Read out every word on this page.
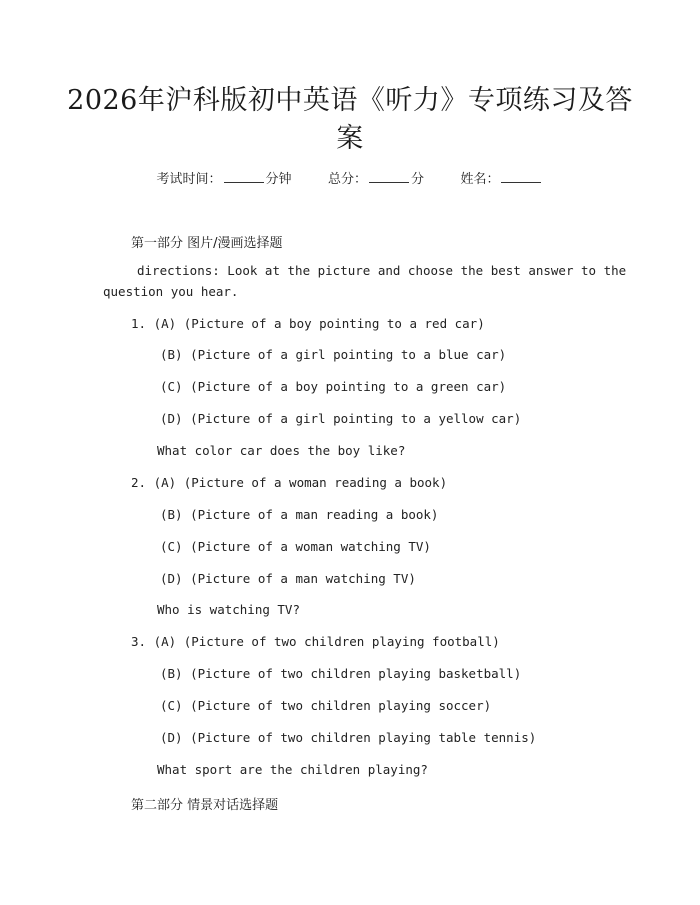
2026年沪科版初中英语《听力》专项练习及答案
考试时间：	分钟	总分：	分	姓名：
第一部分 图片/漫画选择题
directions: Look at the picture and choose the best answer to the
question you hear.
1. (A) (Picture of a boy pointing to a red car)
(B) (Picture of a girl pointing to a blue car)
(C) (Picture of a boy pointing to a green car)
(D) (Picture of a girl pointing to a yellow car)
What color car does the boy like?
2. (A) (Picture of a woman reading a book)
(B) (Picture of a man reading a book)
(C) (Picture of a woman watching TV)
(D) (Picture of a man watching TV)
Who is watching TV?
3. (A) (Picture of two children playing football)
(B) (Picture of two children playing basketball)
(C) (Picture of two children playing soccer)
(D) (Picture of two children playing table tennis)
What sport are the children playing?
第二部分 情景对话选择题
